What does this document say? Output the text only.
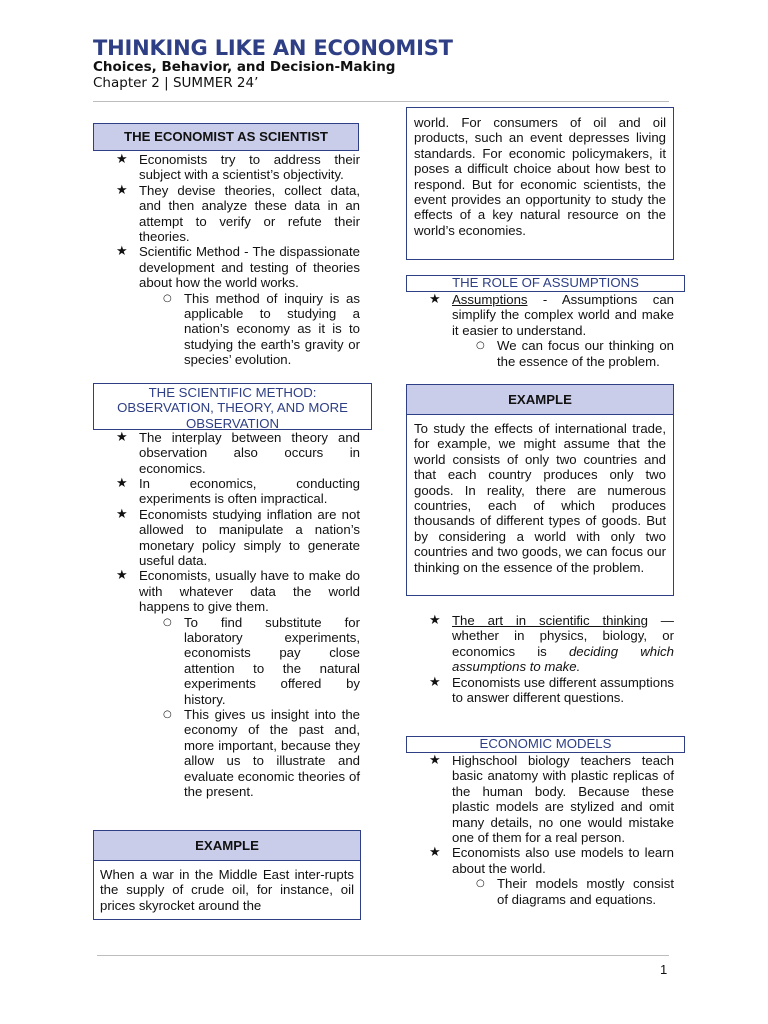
THINKING LIKE AN ECONOMIST
Choices, Behavior, and Decision-Making
Chapter 2 | SUMMER 24’
THE ECONOMIST AS SCIENTIST
★ Economists try to address their subject with a scientist’s objectivity.
★ They devise theories, collect data, and then analyze these data in an attempt to verify or refute their theories.
★ Scientific Method - The dispassionate development and testing of theories about how the world works.
○ This method of inquiry is as applicable to studying a nation’s economy as it is to studying the earth’s gravity or species’ evolution.
THE SCIENTIFIC METHOD: OBSERVATION, THEORY, AND MORE OBSERVATION
★ The interplay between theory and observation also occurs in economics.
★ In economics, conducting experiments is often impractical.
★ Economists studying inflation are not allowed to manipulate a nation’s monetary policy simply to generate useful data.
★ Economists, usually have to make do with whatever data the world happens to give them.
○ To find substitute for laboratory experiments, economists pay close attention to the natural experiments offered by history.
○ This gives us insight into the economy of the past and, more important, because they allow us to illustrate and evaluate economic theories of the present.
EXAMPLE
When a war in the Middle East inter-rupts the supply of crude oil, for instance, oil prices skyrocket around the
world. For consumers of oil and oil products, such an event depresses living standards. For economic policymakers, it poses a difficult choice about how best to respond. But for economic scientists, the event provides an opportunity to study the effects of a key natural resource on the world’s economies.
THE ROLE OF ASSUMPTIONS
★ Assumptions - Assumptions can simplify the complex world and make it easier to understand.
○ We can focus our thinking on the essence of the problem.
EXAMPLE
To study the effects of international trade, for example, we might assume that the world consists of only two countries and that each country produces only two goods. In reality, there are numerous countries, each of which produces thousands of different types of goods. But by considering a world with only two countries and two goods, we can focus our thinking on the essence of the problem.
★ The art in scientific thinking — whether in physics, biology, or economics is deciding which assumptions to make.
★ Economists use different assumptions to answer different questions.
ECONOMIC MODELS
★ Highschool biology teachers teach basic anatomy with plastic replicas of the human body. Because these plastic models are stylized and omit many details, no one would mistake one of them for a real person.
★ Economists also use models to learn about the world.
○ Their models mostly consist of diagrams and equations.
1
